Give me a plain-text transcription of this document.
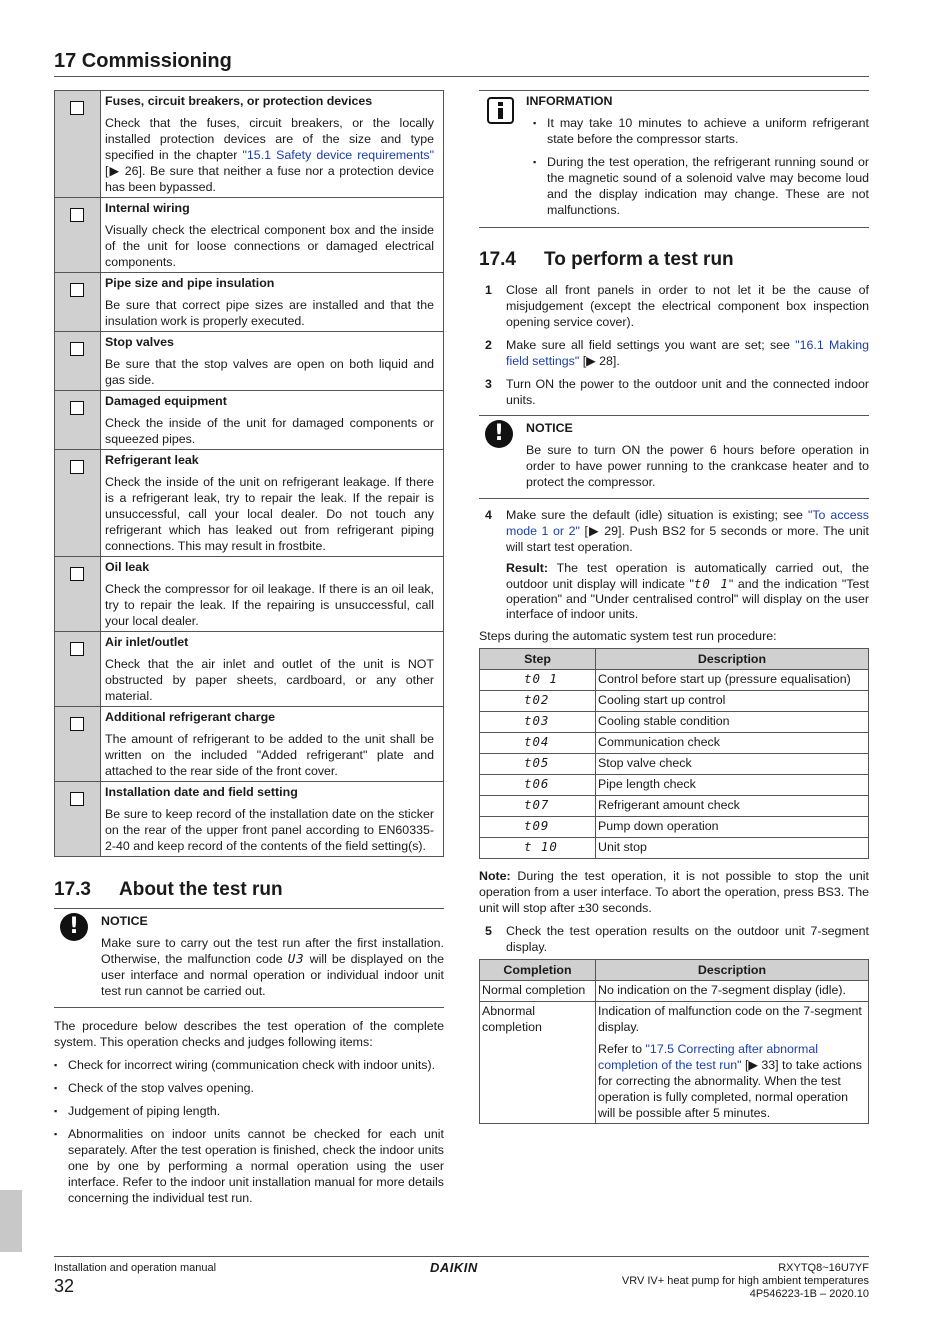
17 Commissioning

	Fuses, circuit breakers, or protection devices
Check that the fuses, circuit breakers, or the locally installed protection devices are of the size and type specified in the chapter "15.1 Safety device requirements" [▶ 26]. Be sure that neither a fuse nor a protection device has been bypassed.

	Internal wiring
Visually check the electrical component box and the inside of the unit for loose connections or damaged electrical components.

	Pipe size and pipe insulation
Be sure that correct pipe sizes are installed and that the insulation work is properly executed.

	Stop valves
Be sure that the stop valves are open on both liquid and gas side.

	Damaged equipment
Check the inside of the unit for damaged components or squeezed pipes.

	Refrigerant leak
Check the inside of the unit on refrigerant leakage. If there is a refrigerant leak, try to repair the leak. If the repair is unsuccessful, call your local dealer. Do not touch any refrigerant which has leaked out from refrigerant piping connections. This may result in frostbite.

	Oil leak
Check the compressor for oil leakage. If there is an oil leak, try to repair the leak. If the repairing is unsuccessful, call your local dealer.

	Air inlet/outlet
Check that the air inlet and outlet of the unit is NOT obstructed by paper sheets, cardboard, or any other material.

	Additional refrigerant charge
The amount of refrigerant to be added to the unit shall be written on the included "Added refrigerant" plate and attached to the rear side of the front cover.

	Installation date and field setting
Be sure to keep record of the installation date on the sticker on the rear of the upper front panel according to EN60335-2-40 and keep record of the contents of the field setting(s).
17.3 About the test run
!	NOTICE
Make sure to carry out the test run after the first installation. Otherwise, the malfunction code U3 will be displayed on the user interface and normal operation or individual indoor unit test run cannot be carried out.

The procedure below describes the test operation of the complete system. This operation checks and judges following items:

▪ Check for incorrect wiring (communication check with indoor units).
▪ Check of the stop valves opening.
▪ Judgement of piping length.
▪ Abnormalities on indoor units cannot be checked for each unit separately. After the test operation is finished, check the indoor units one by one by performing a normal operation using the user interface. Refer to the indoor unit installation manual for more details concerning the individual test run.
INFORMATION
▪ It may take 10 minutes to achieve a uniform refrigerant state before the compressor starts.
▪ During the test operation, the refrigerant running sound or the magnetic sound of a solenoid valve may become loud and the display indication may change. These are not malfunctions.
17.4 To perform a test run
1	Close all front panels in order to not let it be the cause of misjudgement (except the electrical component box inspection opening service cover).
2	Make sure all field settings you want are set; see "16.1 Making field settings" [▶ 28].
3	Turn ON the power to the outdoor unit and the connected indoor units.
!	NOTICE
Be sure to turn ON the power 6 hours before operation in order to have power running to the crankcase heater and to protect the compressor.
4	Make sure the default (idle) situation is existing; see "To access mode 1 or 2" [▶ 29]. Push BS2 for 5 seconds or more. The unit will start test operation.

Result: The test operation is automatically carried out, the outdoor unit display will indicate "t0 1" and the indication "Test operation" and "Under centralised control" will display on the user interface of indoor units.

Steps during the automatic system test run procedure:

Step	Description
t0 1	Control before start up (pressure equalisation)
t02	Cooling start up control
t03	Cooling stable condition
t04	Communication check
t05	Stop valve check
t06	Pipe length check
t07	Refrigerant amount check
t09	Pump down operation
t 10	Unit stop

Note: During the test operation, it is not possible to stop the unit operation from a user interface. To abort the operation, press BS3. The unit will stop after ±30 seconds.

5	Check the test operation results on the outdoor unit 7-segment display.
Completion	Description
Normal completion	No indication on the 7-segment display (idle).
Abnormal completion	Indication of malfunction code on the 7-segment display.
Refer to "17.5 Correcting after abnormal completion of the test run" [▶ 33] to take actions for correcting the abnormality. When the test operation is fully completed, normal operation will be possible after 5 minutes.
Installation and operation manual
32
DAIKIN	RXYTQ8~16U7YF
VRV IV+ heat pump for high ambient temperatures
4P546223-1B – 2020.10
